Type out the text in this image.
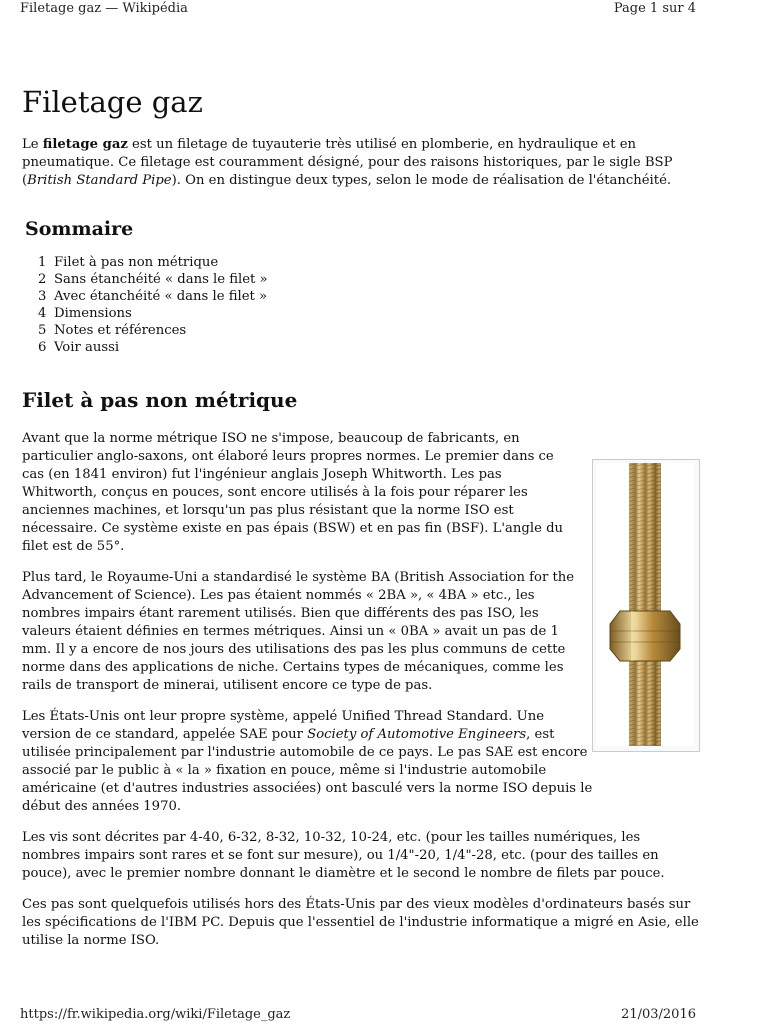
Filetage gaz — Wikipédia	Page 1 sur 4
Filetage gaz

Le filetage gaz est un filetage de tuyauterie très utilisé en plomberie, en hydraulique et en pneumatique. Ce filetage est couramment désigné, pour des raisons historiques, par le sigle BSP (British Standard Pipe). On en distingue deux types, selon le mode de réalisation de l'étanchéité.

Sommaire
1 Filet à pas non métrique
2 Sans étanchéité « dans le filet »
3 Avec étanchéité « dans le filet »
4 Dimensions
5 Notes et références
6 Voir aussi
Filet à pas non métrique

Avant que la norme métrique ISO ne s'impose, beaucoup de fabricants, en particulier anglo-saxons, ont élaboré leurs propres normes. Le premier dans ce cas (en 1841 environ) fut l'ingénieur anglais Joseph Whitworth. Les pas Whitworth, conçus en pouces, sont encore utilisés à la fois pour réparer les anciennes machines, et lorsqu'un pas plus résistant que la norme ISO est nécessaire. Ce système existe en pas épais (BSW) et en pas fin (BSF). L'angle du filet est de 55°.

Plus tard, le Royaume-Uni a standardisé le système BA (British Association for the Advancement of Science). Les pas étaient nommés « 2BA », « 4BA » etc., les nombres impairs étant rarement utilisés. Bien que différents des pas ISO, les valeurs étaient définies en termes métriques. Ainsi un « 0BA » avait un pas de 1 mm. Il y a encore de nos jours des utilisations des pas les plus communs de cette norme dans des applications de niche. Certains types de mécaniques, comme les rails de transport de minerai, utilisent encore ce type de pas.

Les États-Unis ont leur propre système, appelé Unified Thread Standard. Une version de ce standard, appelée SAE pour Society of Automotive Engineers, est utilisée principalement par l'industrie automobile de ce pays. Le pas SAE est encore associé par le public à « la » fixation en pouce, même si l'industrie automobile américaine (et d'autres industries associées) ont basculé vers la norme ISO depuis le début des années 1970.

Les vis sont décrites par 4-40, 6-32, 8-32, 10-32, 10-24, etc. (pour les tailles numériques, les nombres impairs sont rares et se font sur mesure), ou 1/4"-20, 1/4"-28, etc. (pour des tailles en pouce), avec le premier nombre donnant le diamètre et le second le nombre de filets par pouce.

Ces pas sont quelquefois utilisés hors des États-Unis par des vieux modèles d'ordinateurs basés sur les spécifications de l'IBM PC. Depuis que l'essentiel de l'industrie informatique a migré en Asie, elle utilise la norme ISO.

https://fr.wikipedia.org/wiki/Filetage_gaz	21/03/2016
